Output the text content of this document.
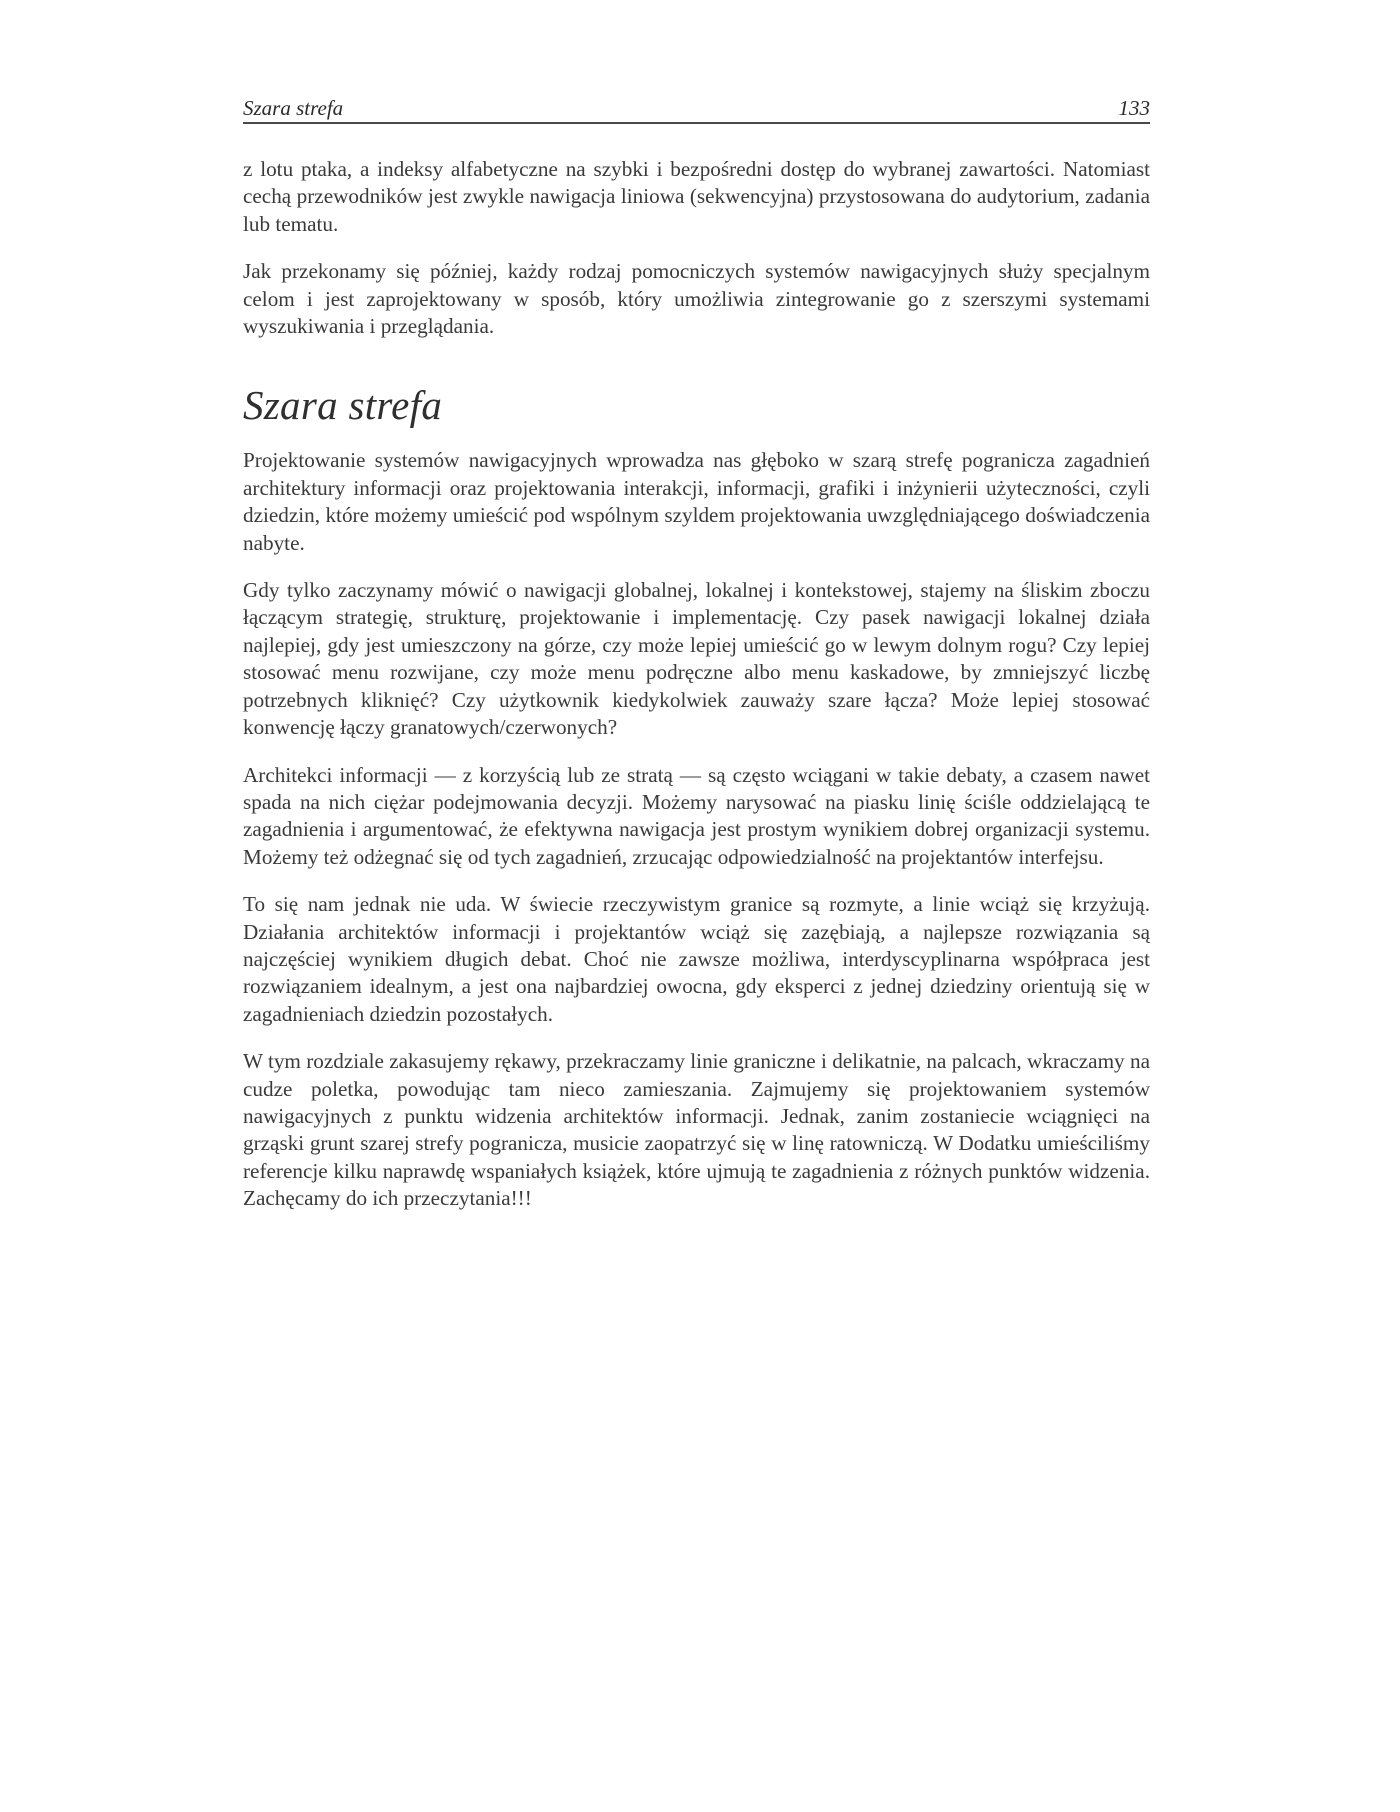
Szara strefa	133

z lotu ptaka, a indeksy alfabetyczne na szybki i bezpośredni dostęp do wybranej zawartości. Natomiast cechą przewodników jest zwykle nawigacja liniowa (sekwencyjna) przystosowana do audytorium, zadania lub tematu.

Jak przekonamy się później, każdy rodzaj pomocniczych systemów nawigacyjnych służy specjalnym celom i jest zaprojektowany w sposób, który umożliwia zintegrowanie go z szerszymi systemami wyszukiwania i przeglądania.

Szara strefa

Projektowanie systemów nawigacyjnych wprowadza nas głęboko w szarą strefę pogranicza zagadnień architektury informacji oraz projektowania interakcji, informacji, grafiki i inżynierii użyteczności, czyli dziedzin, które możemy umieścić pod wspólnym szyldem projektowania uwzględniającego doświadczenia nabyte.

Gdy tylko zaczynamy mówić o nawigacji globalnej, lokalnej i kontekstowej, stajemy na śliskim zboczu łączącym strategię, strukturę, projektowanie i implementację. Czy pasek nawigacji lokalnej działa najlepiej, gdy jest umieszczony na górze, czy może lepiej umieścić go w lewym dolnym rogu? Czy lepiej stosować menu rozwijane, czy może menu podręczne albo menu kaskadowe, by zmniejszyć liczbę potrzebnych kliknięć? Czy użytkownik kiedykolwiek zauważy szare łącza? Może lepiej stosować konwencję łączy granatowych/czerwonych?

Architekci informacji — z korzyścią lub ze stratą — są często wciągani w takie debaty, a czasem nawet spada na nich ciężar podejmowania decyzji. Możemy narysować na piasku linię ściśle oddzielającą te zagadnienia i argumentować, że efektywna nawigacja jest prostym wynikiem dobrej organizacji systemu. Możemy też odżegnać się od tych zagadnień, zrzucając odpowiedzialność na projektantów interfejsu.

To się nam jednak nie uda. W świecie rzeczywistym granice są rozmyte, a linie wciąż się krzyżują. Działania architektów informacji i projektantów wciąż się zazębiają, a najlepsze rozwiązania są najczęściej wynikiem długich debat. Choć nie zawsze możliwa, interdyscyplinarna współpraca jest rozwiązaniem idealnym, a jest ona najbardziej owocna, gdy eksperci z jednej dziedziny orientują się w zagadnieniach dziedzin pozostałych.

W tym rozdziale zakasujemy rękawy, przekraczamy linie graniczne i delikatnie, na palcach, wkraczamy na cudze poletka, powodując tam nieco zamieszania. Zajmujemy się projektowaniem systemów nawigacyjnych z punktu widzenia architektów informacji. Jednak, zanim zostaniecie wciągnięci na grząski grunt szarej strefy pogranicza, musicie zaopatrzyć się w linę ratowniczą. W Dodatku umieściliśmy referencje kilku naprawdę wspaniałych książek, które ujmują te zagadnienia z różnych punktów widzenia. Zachęcamy do ich przeczytania!!!
